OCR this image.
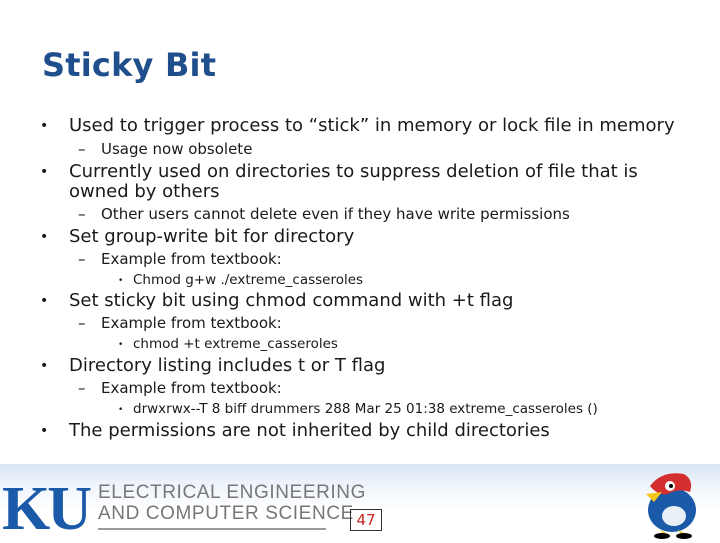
Sticky Bit
• Used to trigger process to “stick” in memory or lock file in memory
– Usage now obsolete
• Currently used on directories to suppress deletion of file that is owned by others
– Other users cannot delete even if they have write permissions
• Set group-write bit for directory
– Example from textbook:
• Chmod g+w ./extreme_casseroles
• Set sticky bit using chmod command with +t flag
– Example from textbook:
• chmod +t extreme_casseroles
• Directory listing includes t or T flag
– Example from textbook:
• drwxrwx--T 8 biff drummers 288 Mar 25 01:38 extreme_casseroles ()
• The permissions are not inherited by child directories
KU ELECTRICAL ENGINEERING
AND COMPUTER SCIENCE 47
